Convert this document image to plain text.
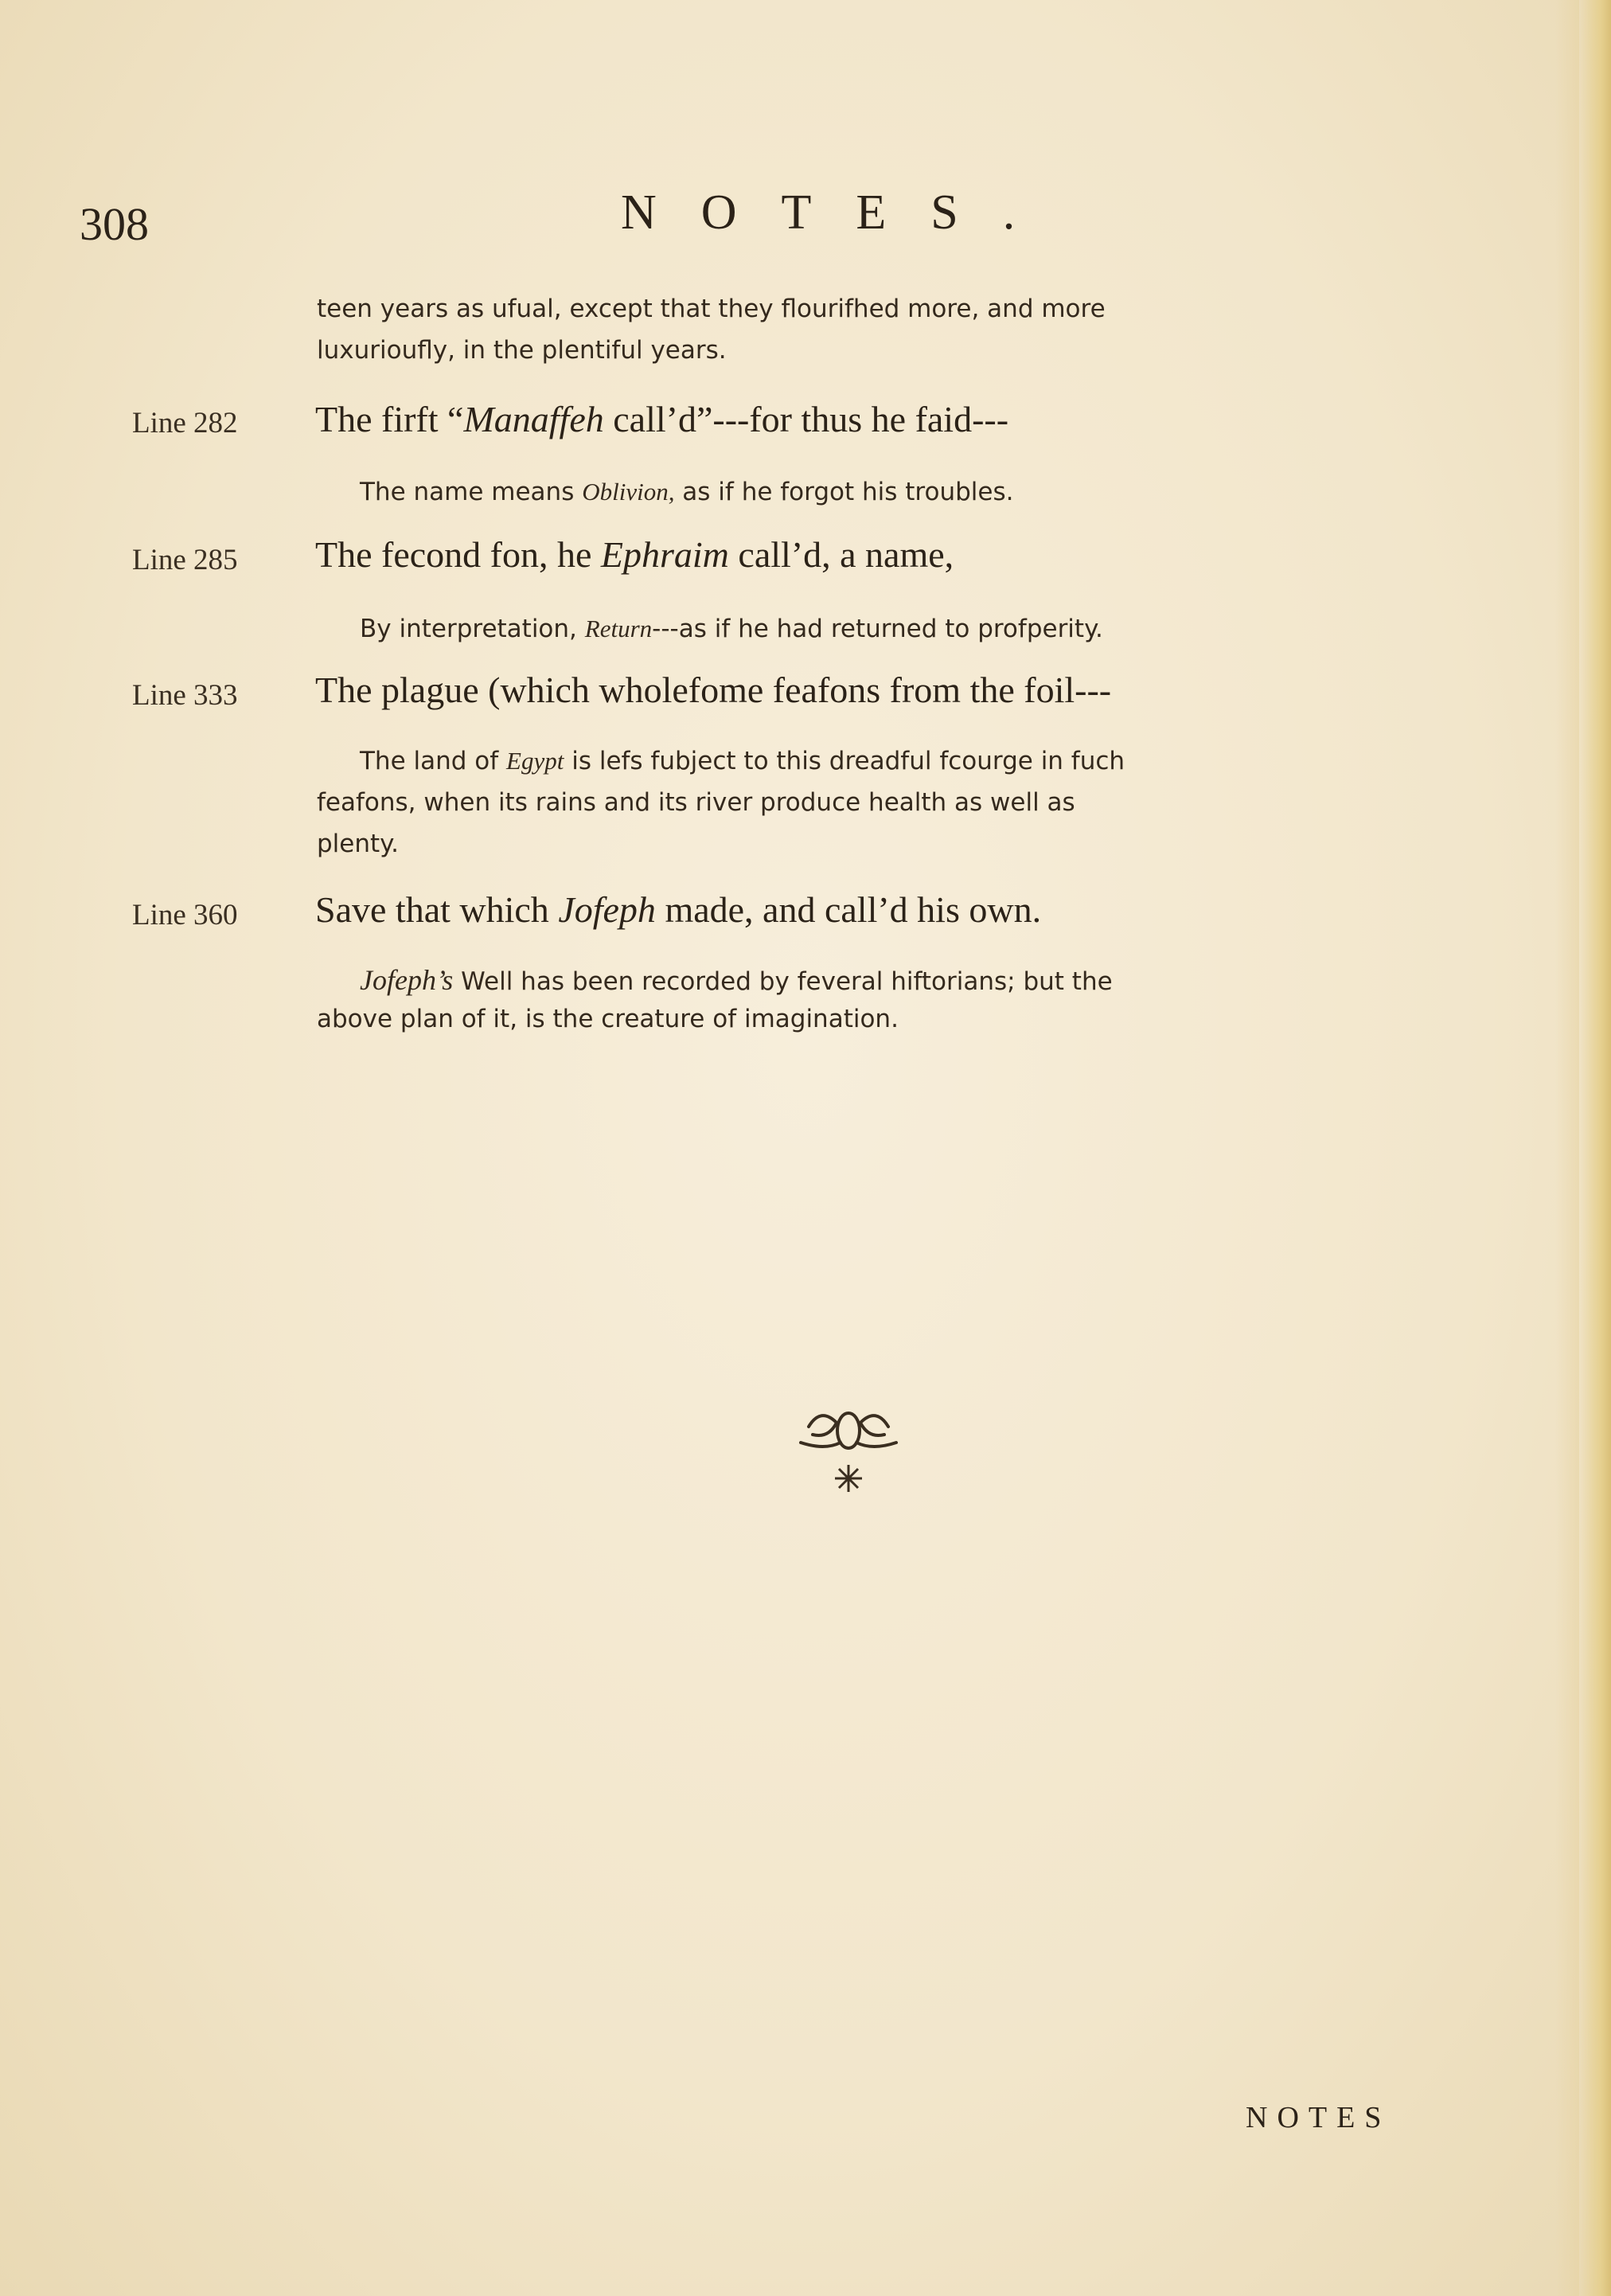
308	NOTES.
teen years as ufual, except that they flourifhed more, and more
luxurioufly, in the plentiful years.
Line 282 The firft “Manaffeh call’d”---for thus he faid---
The name means Oblivion, as if he forgot his troubles.
Line 285 The fecond fon, he Ephraim call’d, a name,
By interpretation, Return---as if he had returned to profperity.
Line 333 The plague (which wholefome feafons from the foil---
The land of Egypt is lefs fubject to this dreadful fcourge in fuch
feafons, when its rains and its river produce health as well as
plenty.
Line 360 Save that which Jofeph made, and call’d his own.
Jofeph’s Well has been recorded by feveral hiftorians; but the
above plan of it, is the creature of imagination.
NOTES
